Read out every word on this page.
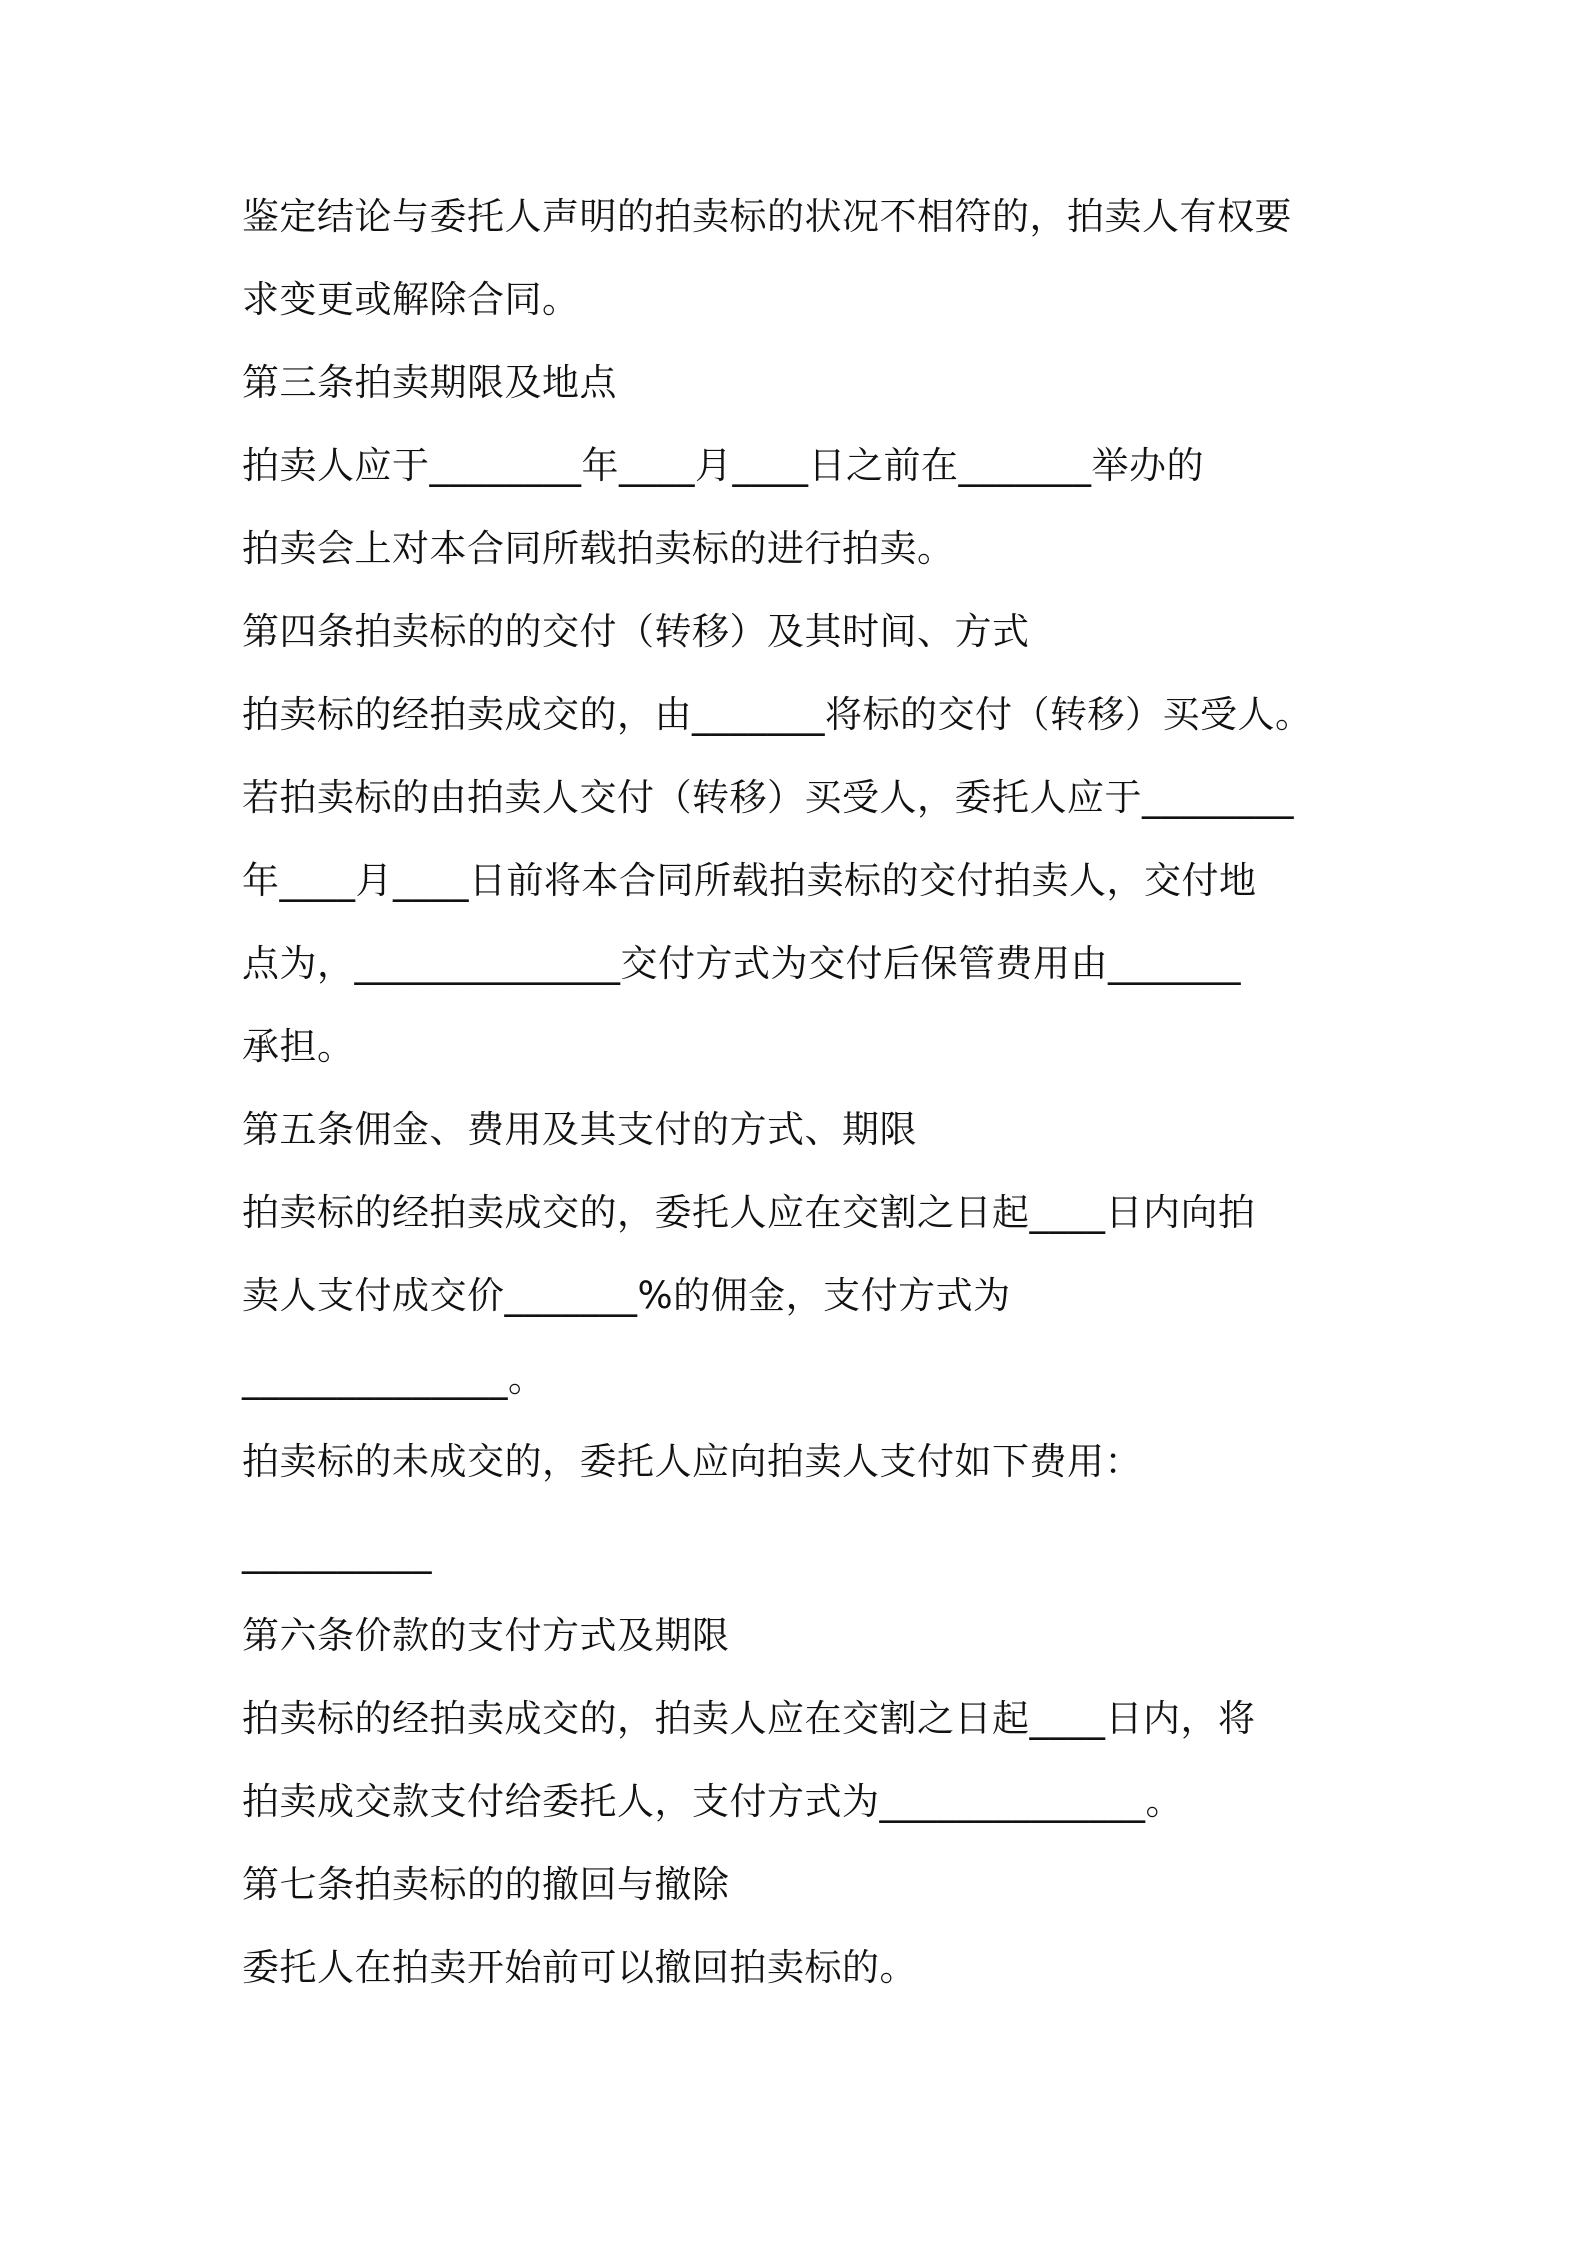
鉴定结论与委托人声明的拍卖标的状况不相符的，拍卖人有权要
求变更或解除合同。
第三条拍卖期限及地点
拍卖人应于________年____月____日之前在_______举办的
拍卖会上对本合同所载拍卖标的进行拍卖。
第四条拍卖标的的交付（转移）及其时间、方式
拍卖标的经拍卖成交的，由_______将标的交付（转移）买受人。
若拍卖标的由拍卖人交付（转移）买受人，委托人应于________
年____月____日前将本合同所载拍卖标的交付拍卖人，交付地
点为，______________交付方式为交付后保管费用由_______
承担。
第五条佣金、费用及其支付的方式、期限
拍卖标的经拍卖成交的，委托人应在交割之日起____日内向拍
卖人支付成交价_______%的佣金，支付方式为
______________。
拍卖标的未成交的，委托人应向拍卖人支付如下费用：
__________
第六条价款的支付方式及期限
拍卖标的经拍卖成交的，拍卖人应在交割之日起____日内，将
拍卖成交款支付给委托人，支付方式为______________。
第七条拍卖标的的撤回与撤除
委托人在拍卖开始前可以撤回拍卖标的。
